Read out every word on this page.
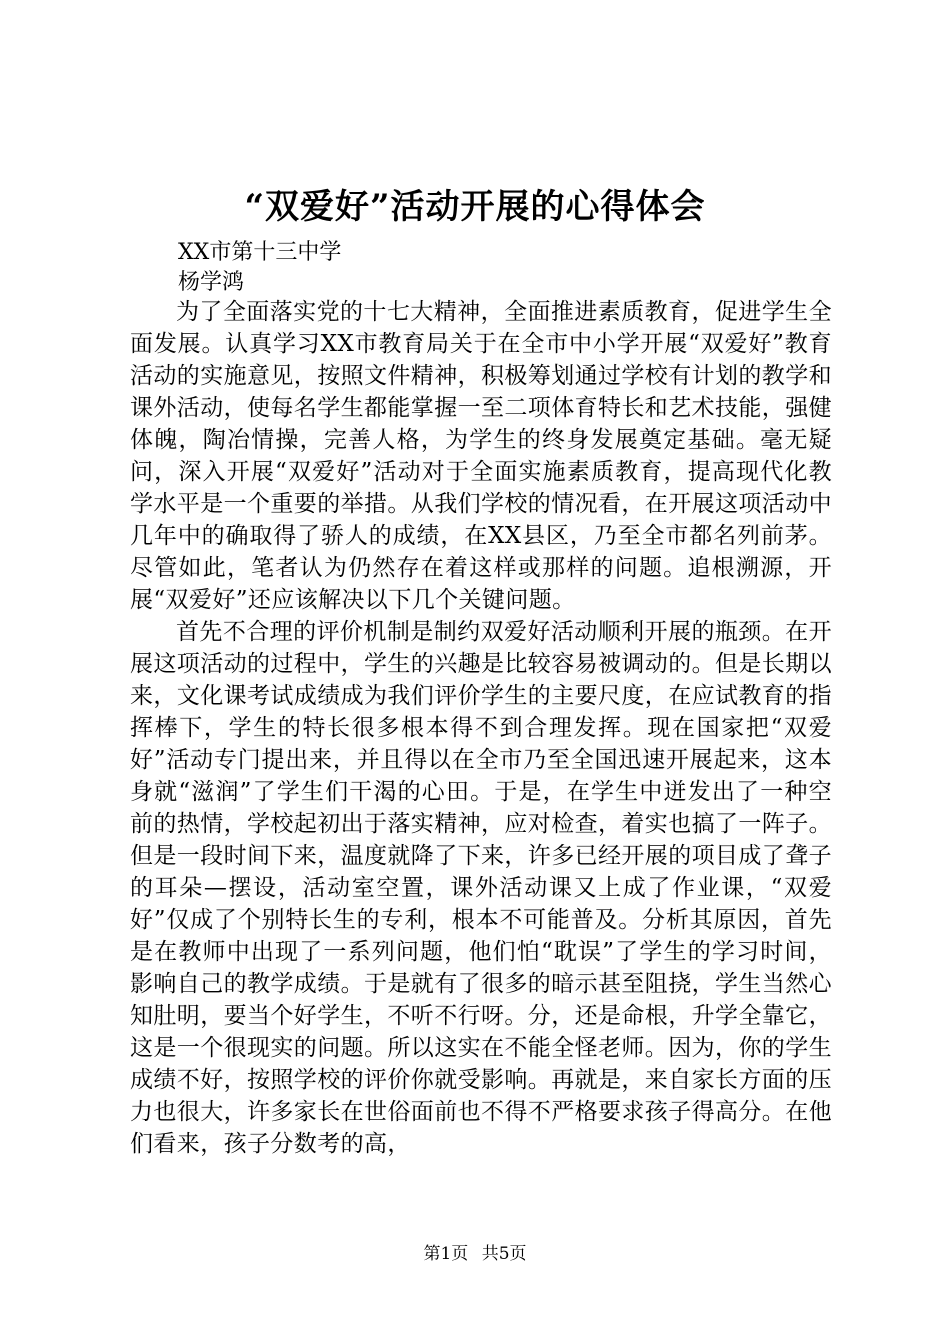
“双爱好”活动开展的心得体会
XX市第十三中学
杨学鸿

为了全面落实党的十七大精神，全面推进素质教育，促进学生全面发展。认真学习XX市教育局关于在全市中小学开展“双爱好”教育活动的实施意见，按照文件精神，积极筹划通过学校有计划的教学和课外活动，使每名学生都能掌握一至二项体育特长和艺术技能，强健体魄，陶冶情操，完善人格，为学生的终身发展奠定基础。毫无疑问，深入开展“双爱好”活动对于全面实施素质教育，提高现代化教学水平是一个重要的举措。从我们学校的情况看，在开展这项活动中几年中的确取得了骄人的成绩，在XX县区，乃至全市都名列前茅。尽管如此，笔者认为仍然存在着这样或那样的问题。追根溯源，开展“双爱好”还应该解决以下几个关键问题。

首先不合理的评价机制是制约双爱好活动顺利开展的瓶颈。在开展这项活动的过程中，学生的兴趣是比较容易被调动的。但是长期以来，文化课考试成绩成为我们评价学生的主要尺度，在应试教育的指挥棒下，学生的特长很多根本得不到合理发挥。现在国家把“双爱好”活动专门提出来，并且得以在全市乃至全国迅速开展起来，这本身就“滋润”了学生们干渴的心田。于是，在学生中迸发出了一种空前的热情，学校起初出于落实精神，应对检查，着实也搞了一阵子。但是一段时间下来，温度就降了下来，许多已经开展的项目成了聋子的耳朵—摆设，活动室空置，课外活动课又上成了作业课，“双爱好”仅成了个别特长生的专利，根本不可能普及。分析其原因，首先是在教师中出现了一系列问题，他们怕“耽误”了学生的学习时间，影响自己的教学成绩。于是就有了很多的暗示甚至阻挠，学生当然心知肚明，要当个好学生，不听不行呀。分，还是命根，升学全靠它，这是一个很现实的问题。所以这实在不能全怪老师。因为，你的学生成绩不好，按照学校的评价你就受影响。再就是，来自家长方面的压力也很大，许多家长在世俗面前也不得不严格要求孩子得高分。在他们看来，孩子分数考的高，

第1页 共5页
